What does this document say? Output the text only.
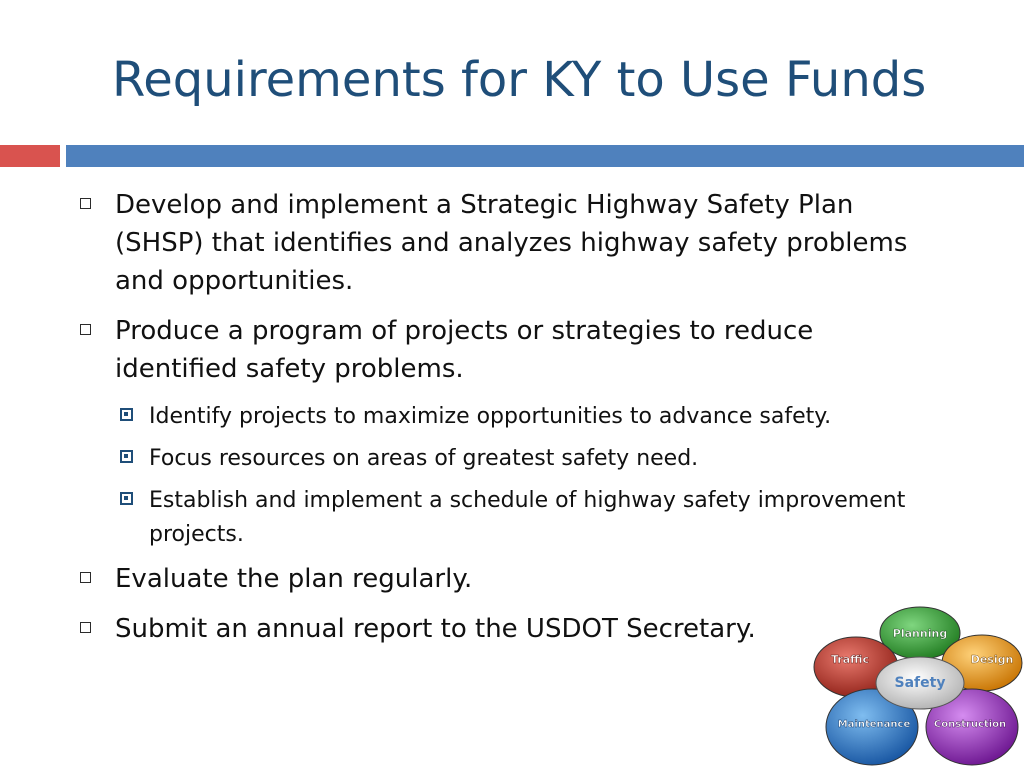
Requirements for KY to Use Funds
Develop and implement a Strategic Highway Safety Plan (SHSP) that identifies and analyzes highway safety problems and opportunities.
Produce a program of projects or strategies to reduce identified safety problems.
Identify projects to maximize opportunities to advance safety.
Focus resources on areas of greatest safety need.
Establish and implement a schedule of highway safety improvement projects.
Evaluate the plan regularly.
Submit an annual report to the USDOT Secretary.	Planning
Traffic	Design
Safety
Maintenance Construction
